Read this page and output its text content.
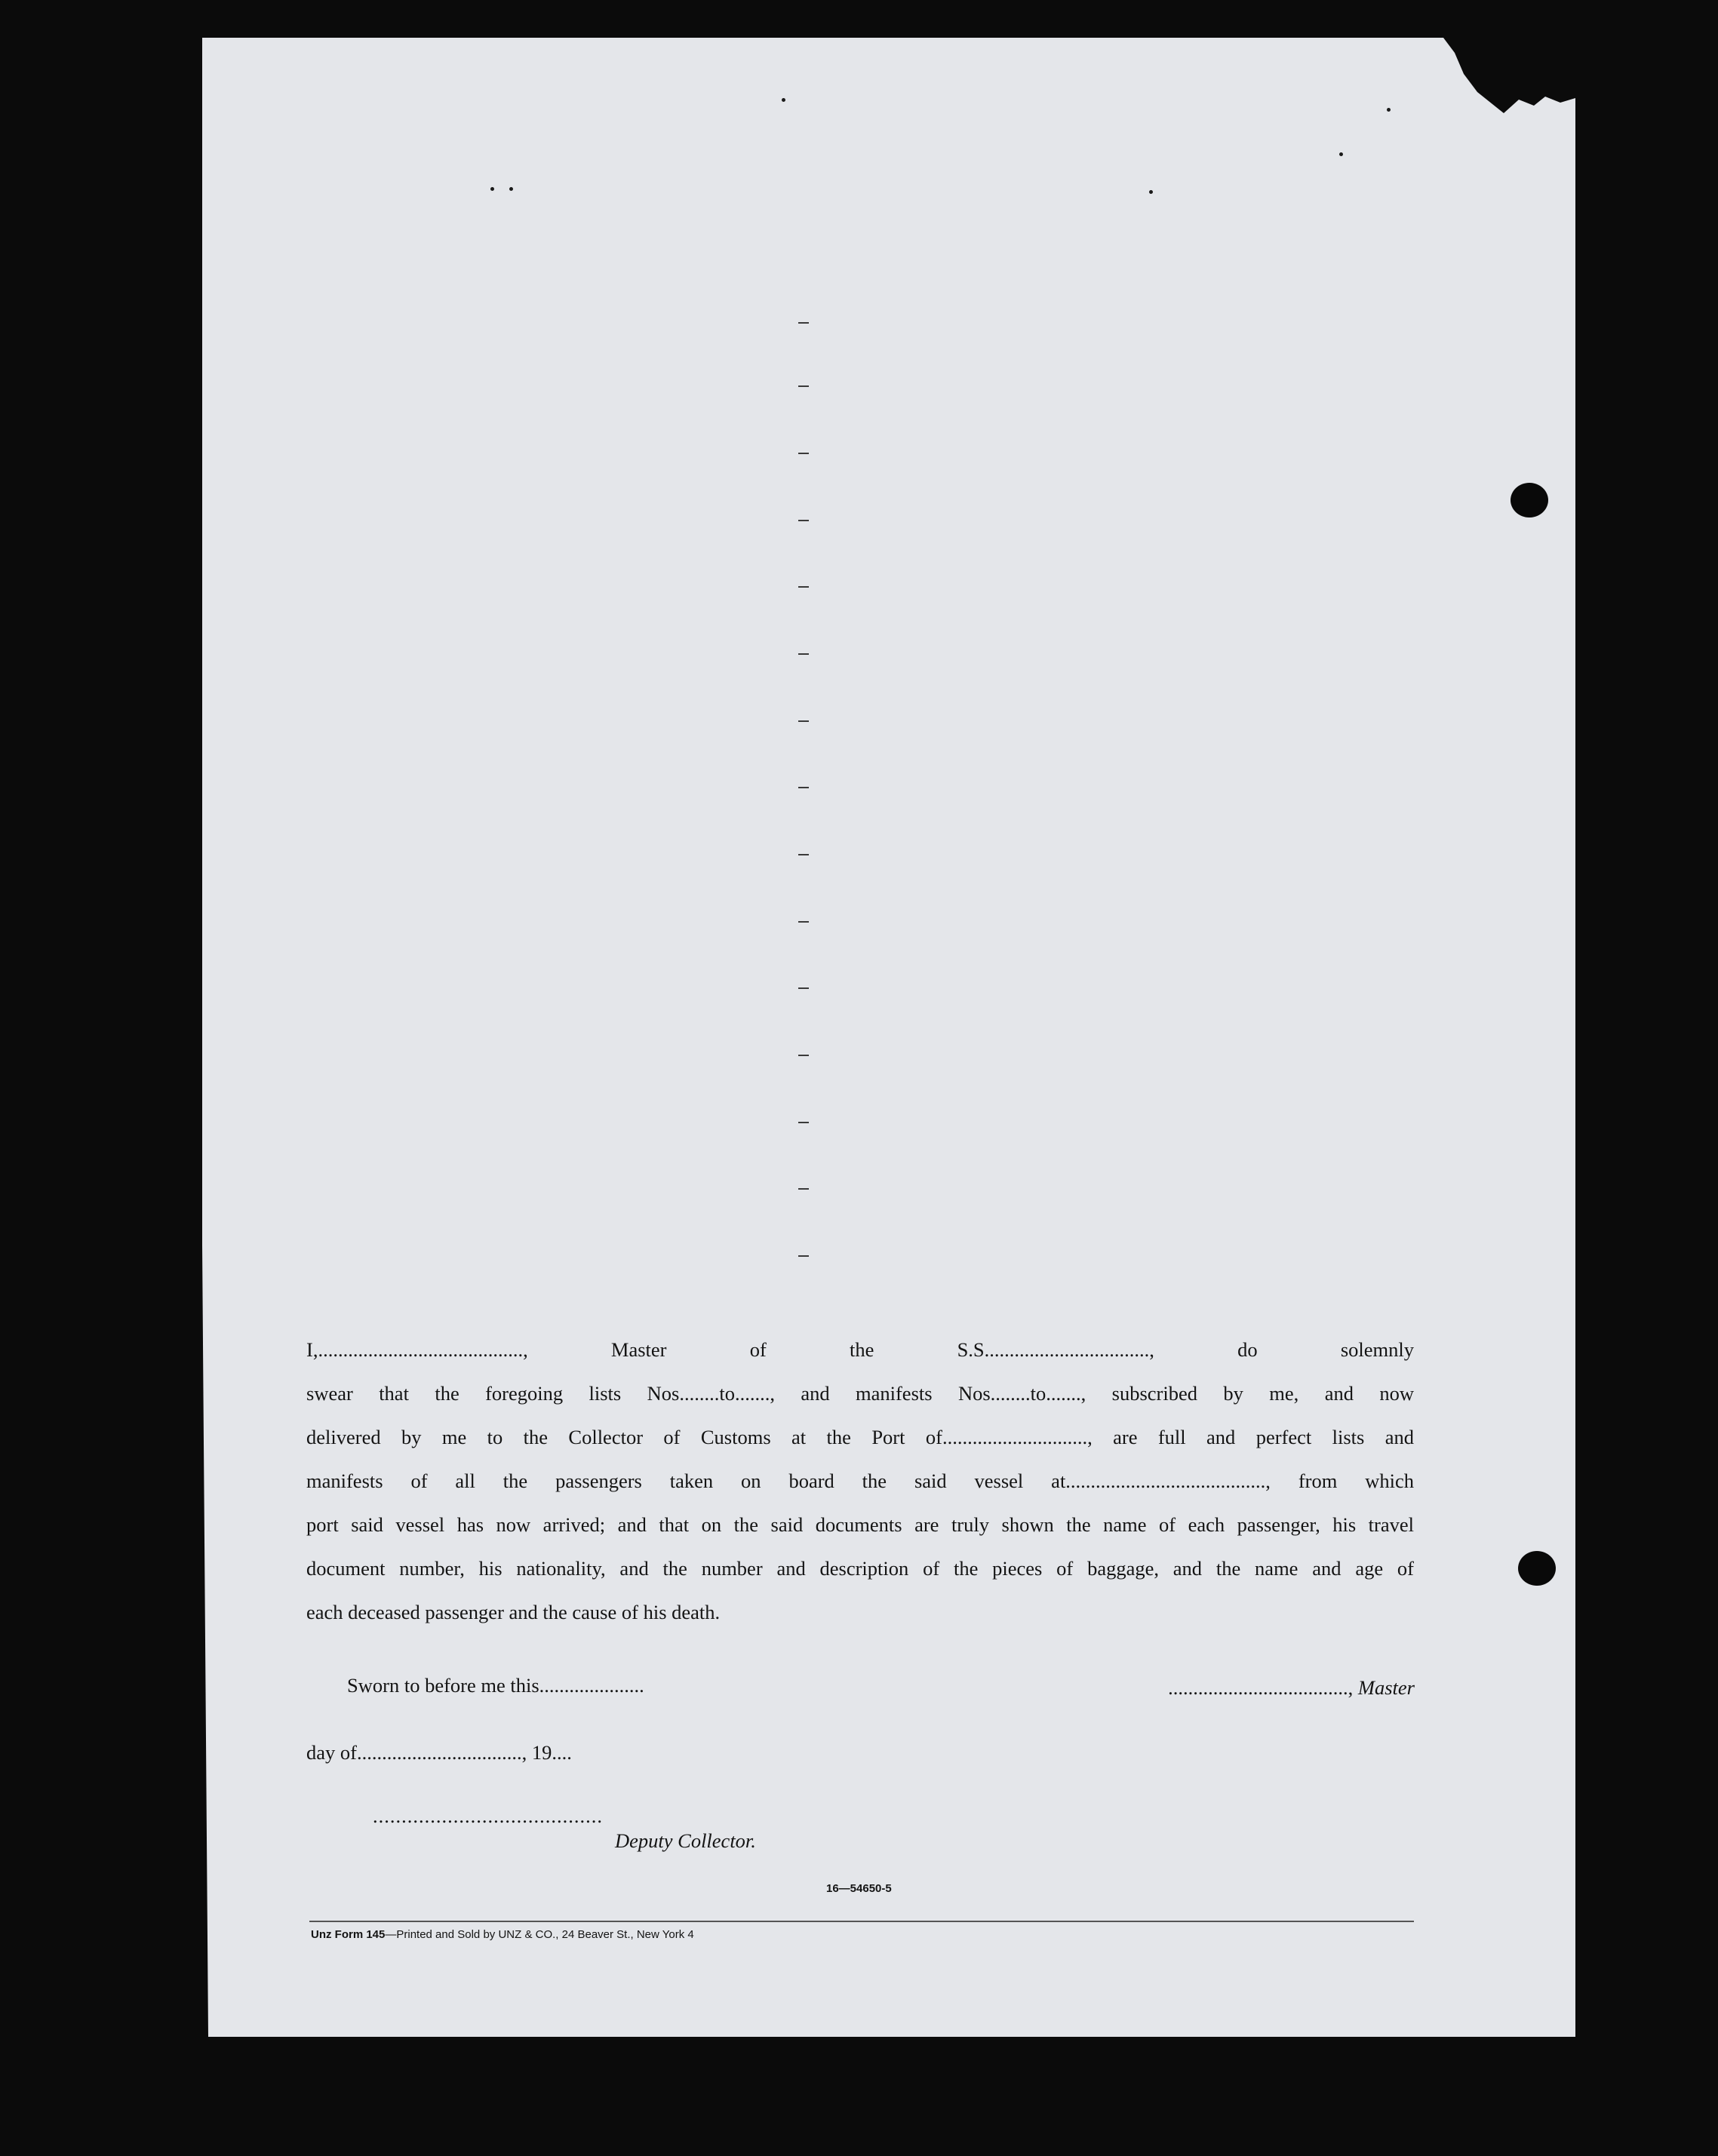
I,........................................., Master of the S.S................................., do solemnly

swear that the foregoing lists Nos........to......., and manifests Nos........to......., subscribed by me, and now

delivered by me to the Collector of Customs at the Port of............................., are full and perfect lists and

manifests of all the passengers taken on board the said vessel at........................................, from which

port said vessel has now arrived; and that on the said documents are truly shown the name of each passenger, his travel

document number, his nationality, and the number and description of the pieces of baggage, and the name and age of

each deceased passenger and the cause of his death.

Sworn to before me this.....................	...................................., Master
day of................................., 19....
........................................
Deputy Collector.
16—54650-5
Unz Form 145—Printed and Sold by UNZ & CO., 24 Beaver St., New York 4
